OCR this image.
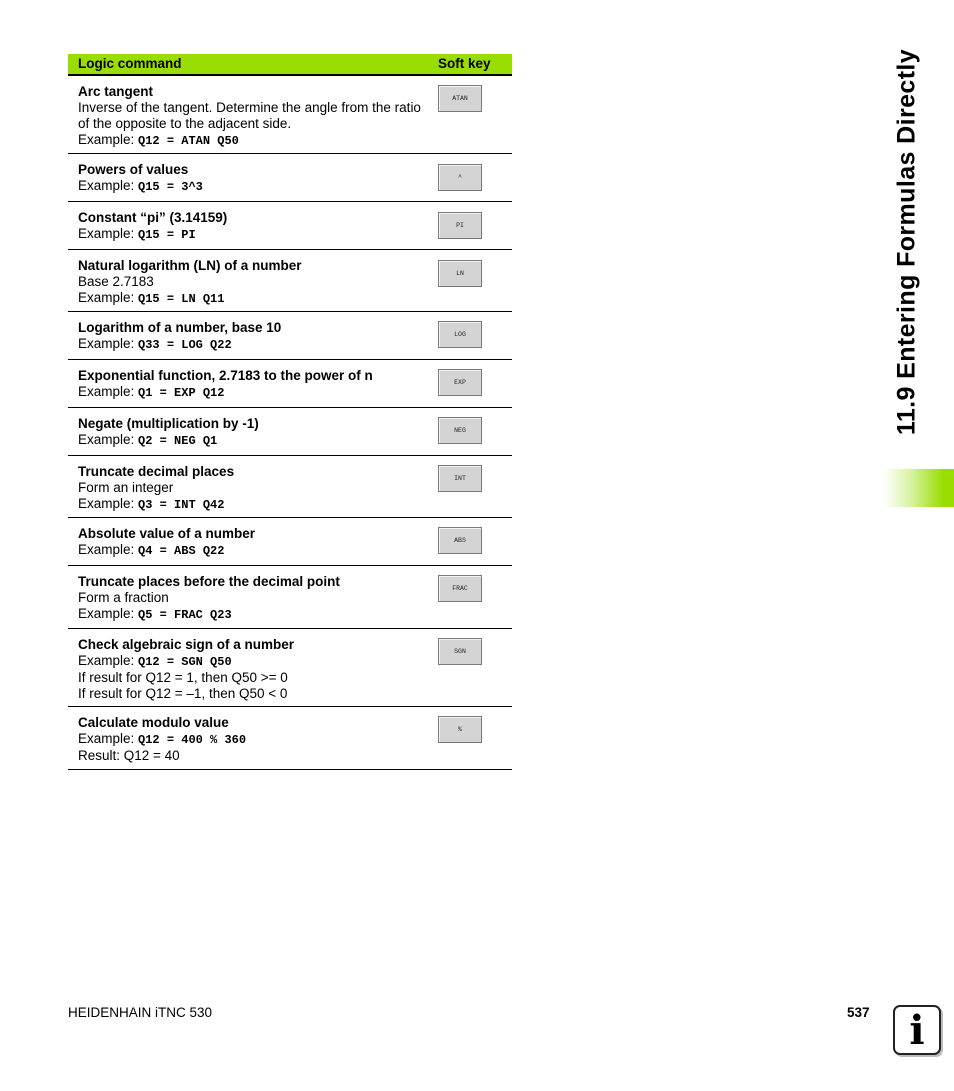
11.9 Entering Formulas Directly
Logic command	Soft key
Arc tangent
Inverse of the tangent. Determine the angle from the ratio of the opposite to the adjacent side.
Example: Q12 = ATAN Q50
ATAN
Powers of values
Example: Q15 = 3^3
^
Constant “pi” (3.14159)
Example: Q15 = PI
PI
Natural logarithm (LN) of a number
Base 2.7183
Example: Q15 = LN Q11
LN
Logarithm of a number, base 10
Example: Q33 = LOG Q22
LOG
Exponential function, 2.7183 to the power of n
Example: Q1 = EXP Q12
EXP
Negate (multiplication by -1)
Example: Q2 = NEG Q1
NEG
Truncate decimal places
Form an integer
Example: Q3 = INT Q42
INT
Absolute value of a number
Example: Q4 = ABS Q22
ABS
Truncate places before the decimal point
Form a fraction
Example: Q5 = FRAC Q23
FRAC
Check algebraic sign of a number
Example: Q12 = SGN Q50
If result for Q12 = 1, then Q50 >= 0
If result for Q12 = –1, then Q50 < 0
SGN
Calculate modulo value
Example: Q12 = 400 % 360
Result: Q12 = 40
%
HEIDENHAIN iTNC 530	537 i
